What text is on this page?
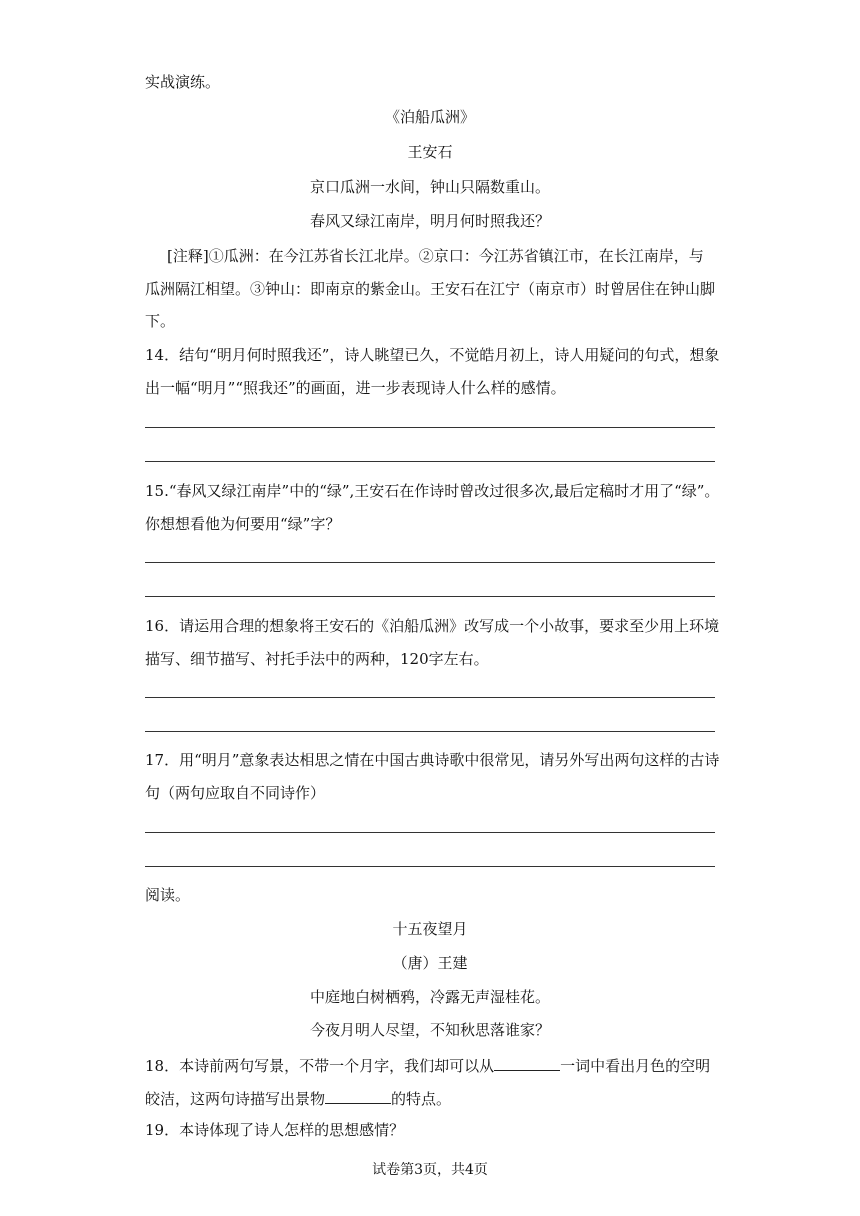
实战演练。
《泊船瓜洲》
王安石
京口瓜洲一水间，钟山只隔数重山。
春风又绿江南岸，明月何时照我还？
[注释]①瓜洲：在今江苏省长江北岸。②京口：今江苏省镇江市，在长江南岸，与
瓜洲隔江相望。③钟山：即南京的紫金山。王安石在江宁（南京市）时曾居住在钟山脚
下。
14．结句“明月何时照我还”，诗人眺望已久，不觉皓月初上，诗人用疑问的句式，想象
出一幅“明月”“照我还”的画面，进一步表现诗人什么样的感情。
15.“春风又绿江南岸”中的“绿”,王安石在作诗时曾改过很多次,最后定稿时才用了“绿”。
你想想看他为何要用“绿”字？
16．请运用合理的想象将王安石的《泊船瓜洲》改写成一个小故事，要求至少用上环境
描写、细节描写、衬托手法中的两种，120字左右。
17．用“明月”意象表达相思之情在中国古典诗歌中很常见，请另外写出两句这样的古诗
句（两句应取自不同诗作）
阅读。
十五夜望月
（唐）王建
中庭地白树栖鸦，冷露无声湿桂花。
今夜月明人尽望，不知秋思落谁家？
18．本诗前两句写景，不带一个月字，我们却可以从	一词中看出月色的空明
皎洁，这两句诗描写出景物	的特点。
19．本诗体现了诗人怎样的思想感情？
试卷第3页，共4页
